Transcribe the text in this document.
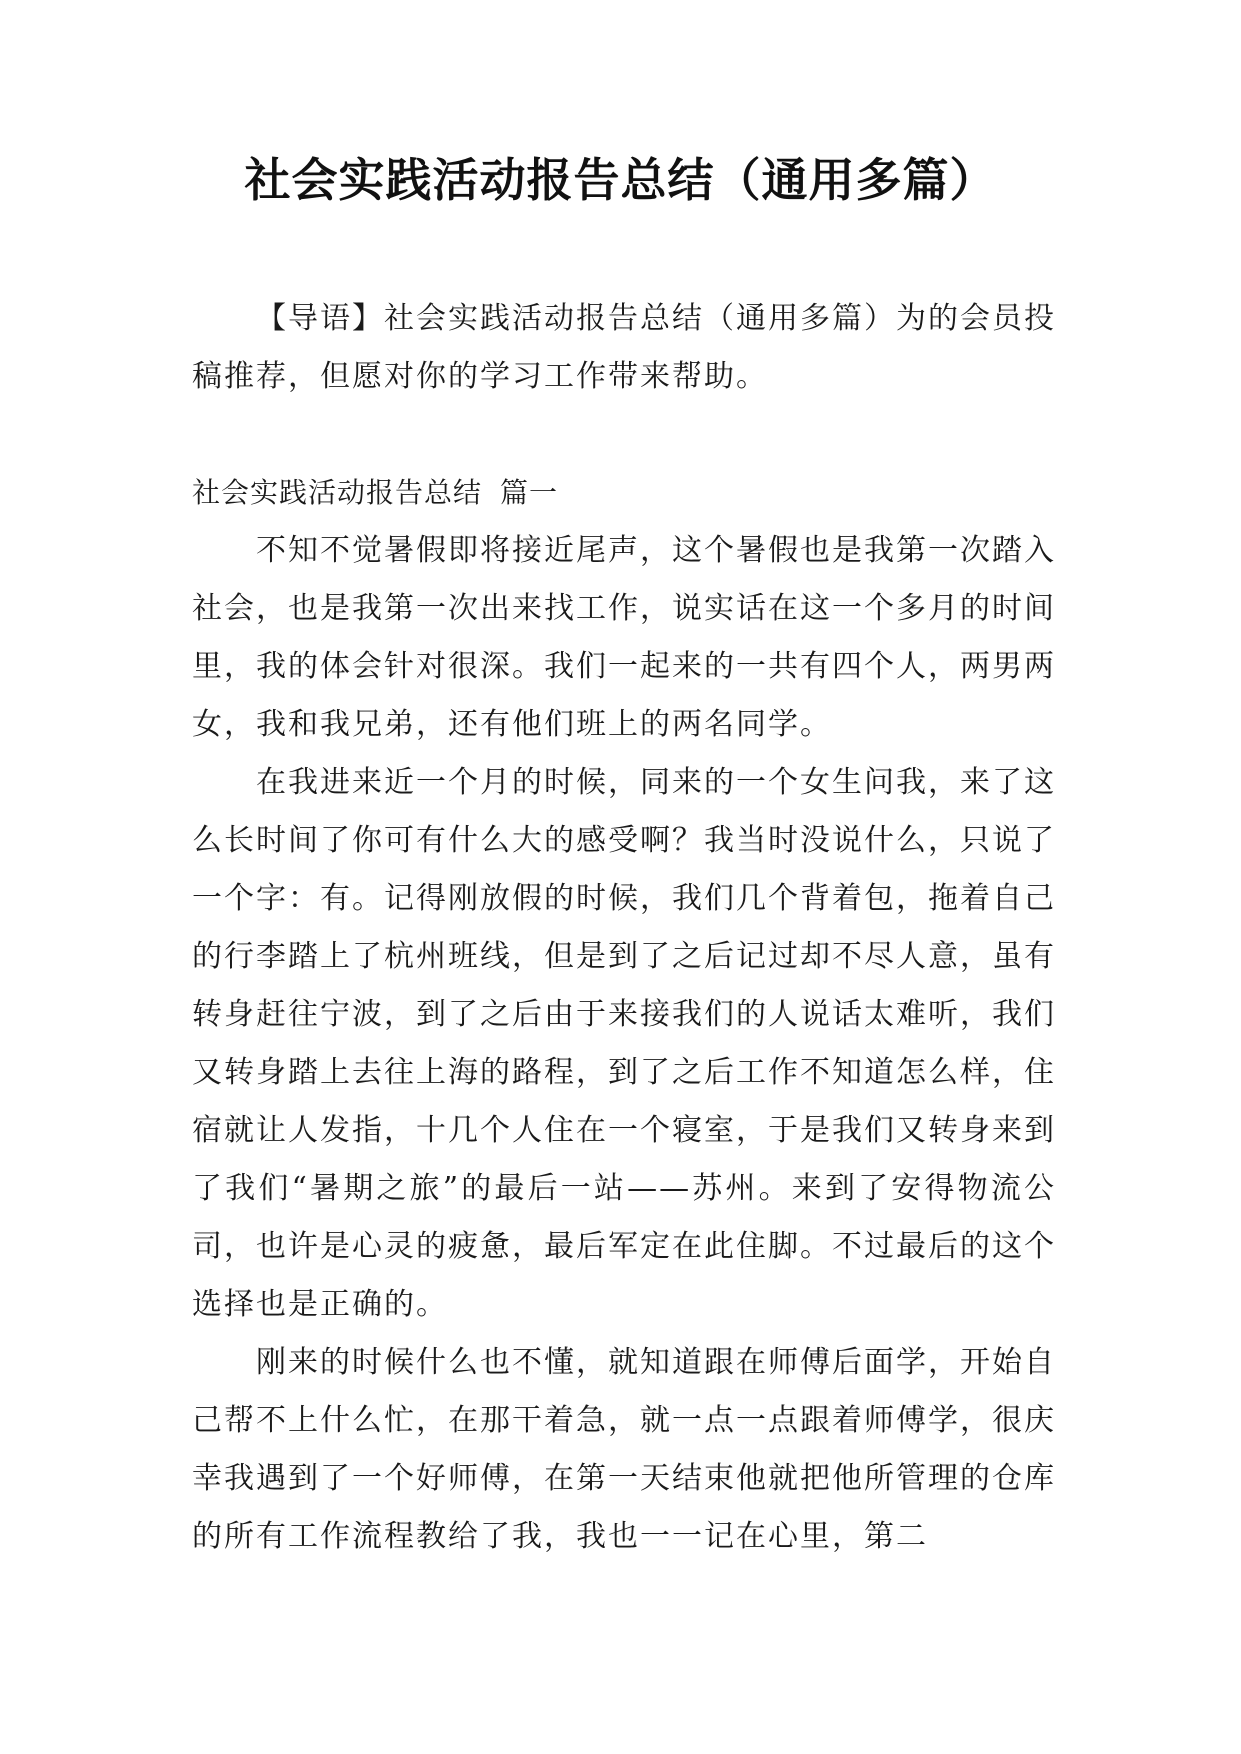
社会实践活动报告总结（通用多篇）

【导语】社会实践活动报告总结（通用多篇）为的会员投稿推荐，但愿对你的学习工作带来帮助。

社会实践活动报告总结 篇一

不知不觉暑假即将接近尾声，这个暑假也是我第一次踏入社会，也是我第一次出来找工作，说实话在这一个多月的时间里，我的体会针对很深。我们一起来的一共有四个人，两男两女，我和我兄弟，还有他们班上的两名同学。

在我进来近一个月的时候，同来的一个女生问我，来了这么长时间了你可有什么大的感受啊？我当时没说什么，只说了一个字：有。记得刚放假的时候，我们几个背着包，拖着自己的行李踏上了杭州班线，但是到了之后记过却不尽人意，虽有转身赶往宁波，到了之后由于来接我们的人说话太难听，我们又转身踏上去往上海的路程，到了之后工作不知道怎么样，住宿就让人发指，十几个人住在一个寝室，于是我们又转身来到了我们“暑期之旅”的最后一站——苏州。来到了安得物流公司，也许是心灵的疲惫，最后军定在此住脚。不过最后的这个选择也是正确的。

刚来的时候什么也不懂，就知道跟在师傅后面学，开始自己帮不上什么忙，在那干着急，就一点一点跟着师傅学，很庆幸我遇到了一个好师傅，在第一天结束他就把他所管理的仓库的所有工作流程教给了我，我也一一记在心里，第二
